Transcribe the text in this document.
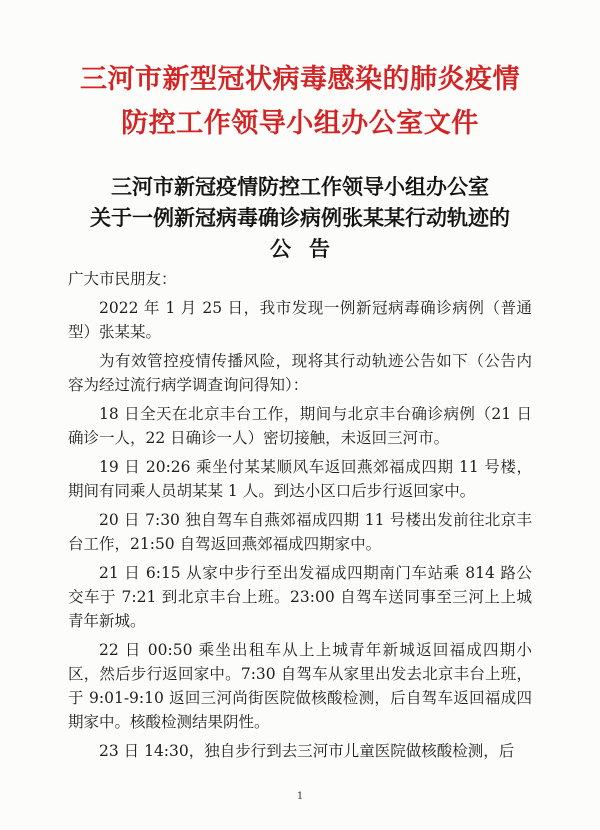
三河市新型冠状病毒感染的肺炎疫情
防控工作领导小组办公室文件
三河市新冠疫情防控工作领导小组办公室
关于一例新冠病毒确诊病例张某某行动轨迹的
公告

广大市民朋友：

2022 年 1 月 25 日，我市发现一例新冠病毒确诊病例（普通型）张某某。

为有效管控疫情传播风险，现将其行动轨迹公告如下（公告内容为经过流行病学调查询问得知）：

18 日全天在北京丰台工作，期间与北京丰台确诊病例（21 日确诊一人，22 日确诊一人）密切接触，未返回三河市。

19 日 20:26 乘坐付某某顺风车返回燕郊福成四期 11 号楼，期间有同乘人员胡某某 1 人。到达小区口后步行返回家中。

20 日 7:30 独自驾车自燕郊福成四期 11 号楼出发前往北京丰台工作，21:50 自驾返回燕郊福成四期家中。

21 日 6:15 从家中步行至出发福成四期南门车站乘 814 路公交车于 7:21 到北京丰台上班。23:00 自驾车送同事至三河上上城青年新城。

22 日 00:50 乘坐出租车从上上城青年新城返回福成四期小区，然后步行返回家中。7:30 自驾车从家里出发去北京丰台上班，于 9:01-9:10 返回三河尚街医院做核酸检测，后自驾车返回福成四期家中。核酸检测结果阴性。

23 日 14:30，独自步行到去三河市儿童医院做核酸检测，后

1
